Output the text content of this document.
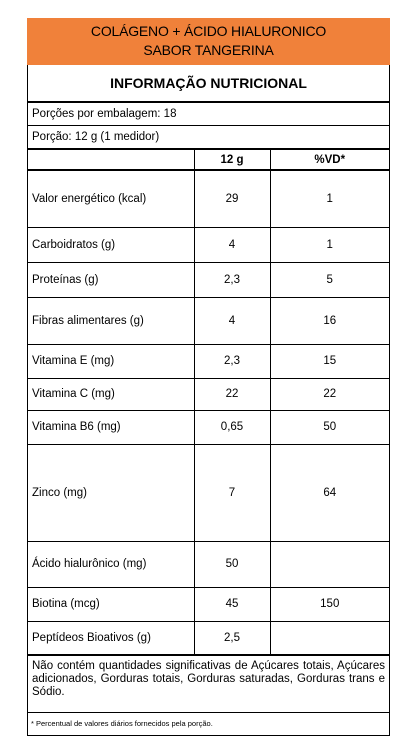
COLÁGENO + ÁCIDO HIALURONICO
SABOR TANGERINA
INFORMAÇÃO NUTRICIONAL
Porções por embalagem: 18
Porção: 12 g (1 medidor)
	12 g	%VD*
Valor energético (kcal)	29	1
Carboidratos (g)	4	1
Proteínas (g)	2,3	5
Fibras alimentares (g)	4	16
Vitamina E (mg)	2,3	15
Vitamina C (mg)	22	22
Vitamina B6 (mg)	0,65	50
Zinco (mg)	7	64
Ácido hialurônico (mg)	50	
Biotina (mcg)	45	150
Peptídeos Bioativos (g)	2,5	
Não contém quantidades significativas de Açúcares totais, Açúcares adicionados, Gorduras totais, Gorduras saturadas, Gorduras trans e Sódio.
* Percentual de valores diários fornecidos pela porção.
